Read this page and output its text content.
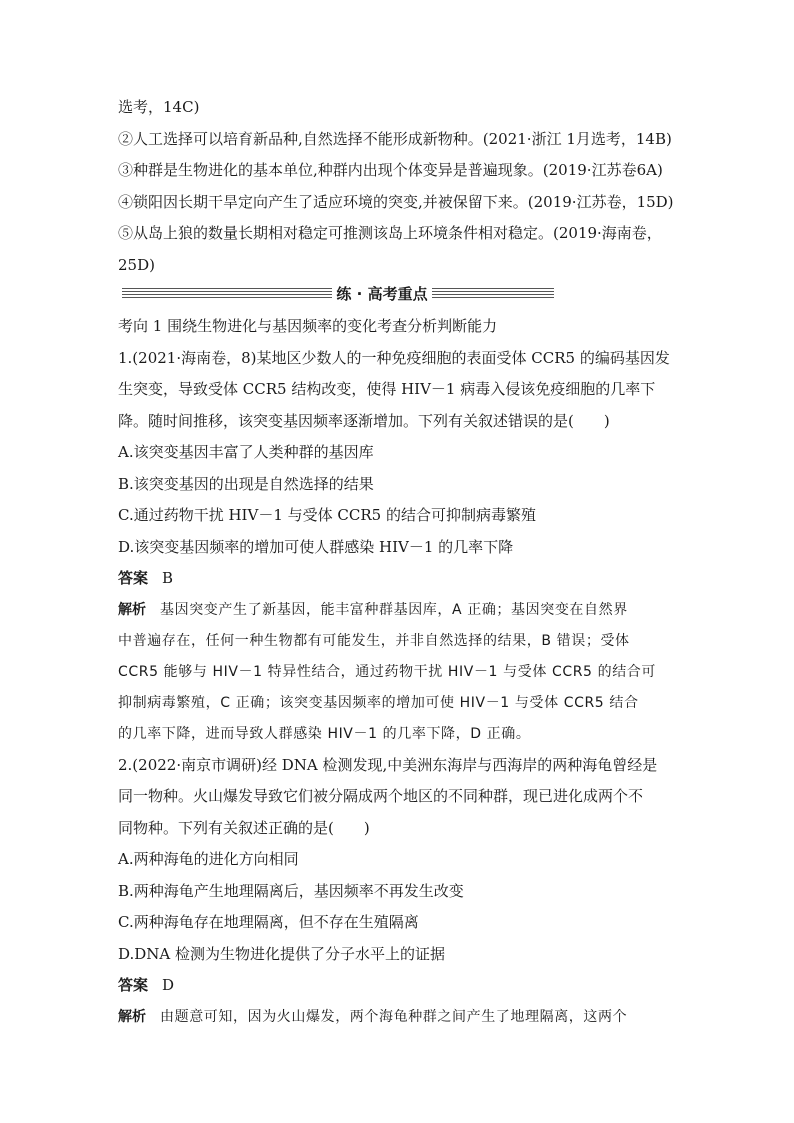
选考，14C)
②人工选择可以培育新品种,自然选择不能形成新物种。(2021·浙江 1月选考，14B)
③种群是生物进化的基本单位,种群内出现个体变异是普遍现象。(2019·江苏卷6A)
④锁阳因长期干旱定向产生了适应环境的突变,并被保留下来。(2019·江苏卷，15D)
⑤从岛上狼的数量长期相对稳定可推测该岛上环境条件相对稳定。(2019·海南卷，
25D)
练 · 高考重点
考向 1 围绕生物进化与基因频率的变化考查分析判断能力
1.(2021·海南卷，8)某地区少数人的一种免疫细胞的表面受体 CCR5 的编码基因发
生突变，导致受体 CCR5 结构改变，使得 HIV－1 病毒入侵该免疫细胞的几率下
降。随时间推移，该突变基因频率逐渐增加。下列有关叙述错误的是(　　)
A.该突变基因丰富了人类种群的基因库
B.该突变基因的出现是自然选择的结果
C.通过药物干扰 HIV－1 与受体 CCR5 的结合可抑制病毒繁殖
D.该突变基因频率的增加可使人群感染 HIV－1 的几率下降
答案 B
解析 基因突变产生了新基因，能丰富种群基因库，A 正确；基因突变在自然界
中普遍存在，任何一种生物都有可能发生，并非自然选择的结果，B 错误；受体
CCR5 能够与 HIV－1 特异性结合，通过药物干扰 HIV－1 与受体 CCR5 的结合可
抑制病毒繁殖，C 正确；该突变基因频率的增加可使 HIV－1 与受体 CCR5 结合
的几率下降，进而导致人群感染 HIV－1 的几率下降，D 正确。
2.(2022·南京市调研)经 DNA 检测发现,中美洲东海岸与西海岸的两种海龟曾经是
同一物种。火山爆发导致它们被分隔成两个地区的不同种群，现已进化成两个不
同物种。下列有关叙述正确的是(　　)
A.两种海龟的进化方向相同
B.两种海龟产生地理隔离后，基因频率不再发生改变
C.两种海龟存在地理隔离，但不存在生殖隔离
D.DNA 检测为生物进化提供了分子水平上的证据
答案 D
解析 由题意可知，因为火山爆发，两个海龟种群之间产生了地理隔离，这两个
